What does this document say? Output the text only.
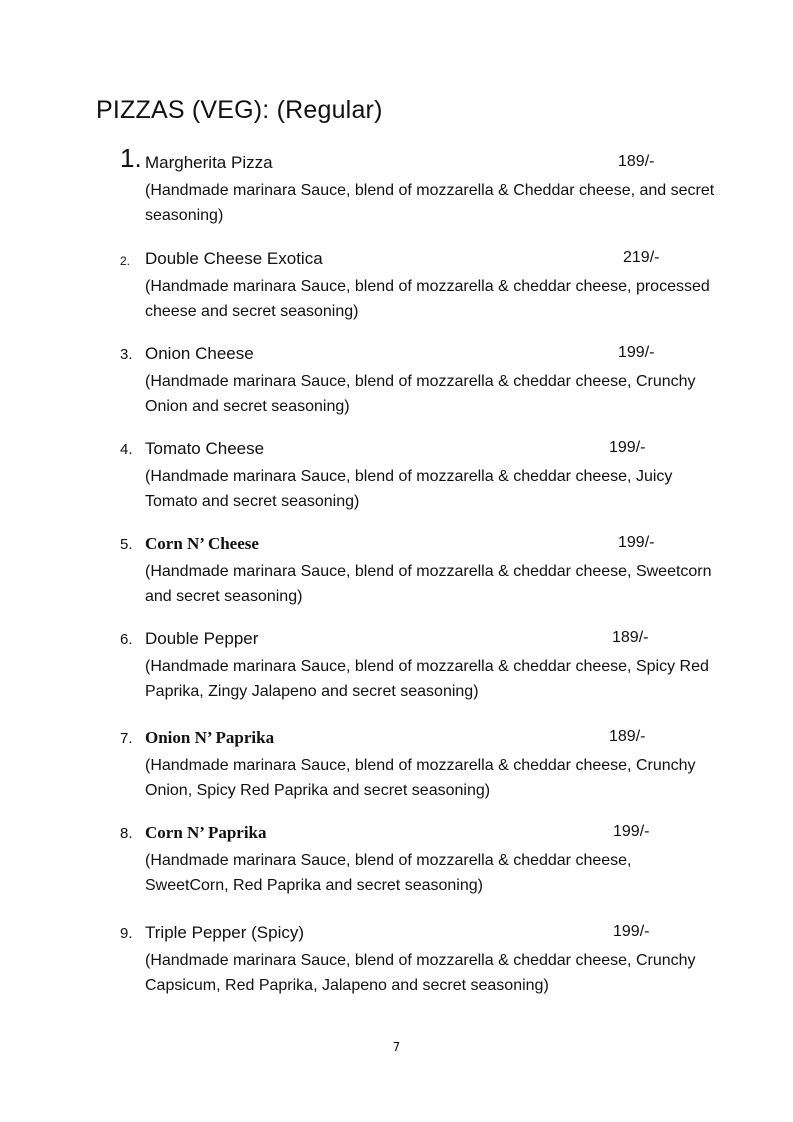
PIZZAS (VEG): (Regular)
1. Margherita Pizza	189/-
(Handmade marinara Sauce, blend of mozzarella & Cheddar cheese, and secret seasoning)
2. Double Cheese Exotica	219/-
(Handmade marinara Sauce, blend of mozzarella & cheddar cheese, processed cheese and secret seasoning)
3. Onion Cheese	199/-
(Handmade marinara Sauce, blend of mozzarella & cheddar cheese, Crunchy Onion and secret seasoning)
4. Tomato Cheese	199/-
(Handmade marinara Sauce, blend of mozzarella & cheddar cheese, Juicy Tomato and secret seasoning)
5. Corn N’ Cheese	199/-
(Handmade marinara Sauce, blend of mozzarella & cheddar cheese, Sweetcorn and secret seasoning)
6. Double Pepper	189/-
(Handmade marinara Sauce, blend of mozzarella & cheddar cheese, Spicy Red Paprika, Zingy Jalapeno and secret seasoning)
7. Onion N’ Paprika	189/-
(Handmade marinara Sauce, blend of mozzarella & cheddar cheese, Crunchy Onion, Spicy Red Paprika and secret seasoning)
8. Corn N’ Paprika	199/-
(Handmade marinara Sauce, blend of mozzarella & cheddar cheese, SweetCorn, Red Paprika and secret seasoning)
9. Triple Pepper (Spicy)	199/-
(Handmade marinara Sauce, blend of mozzarella & cheddar cheese, Crunchy Capsicum, Red Paprika, Jalapeno and secret seasoning)
7
